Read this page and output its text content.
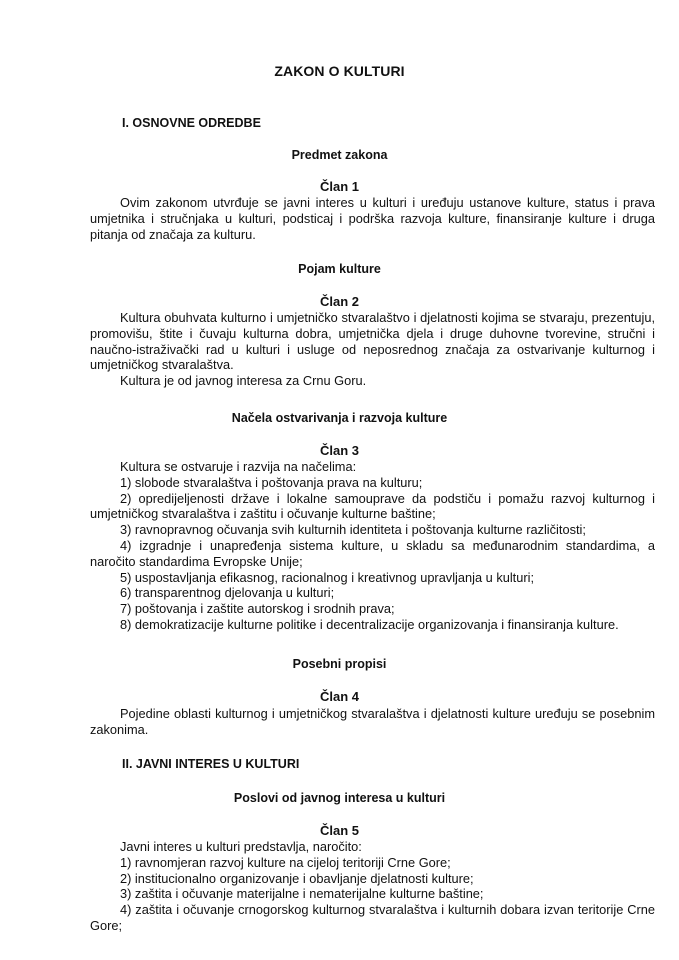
ZAKON O KULTURI
I. OSNOVNE ODREDBE
Predmet zakona
Član 1

Ovim zakonom utvrđuje se javni interes u kulturi i uređuju ustanove kulture, status i prava umjetnika i stručnjaka u kulturi, podsticaj i podrška razvoja kulture, finansiranje kulture i druga pitanja od značaja za kulturu.

Pojam kulture
Član 2

Kultura obuhvata kulturno i umjetničko stvaralaštvo i djelatnosti kojima se stvaraju, prezentuju, promovišu, štite i čuvaju kulturna dobra, umjetnička djela i druge duhovne tvorevine, stručni i naučno-istraživački rad u kulturi i usluge od neposrednog značaja za ostvarivanje kulturnog i umjetničkog stvaralaštva.

Kultura je od javnog interesa za Crnu Goru.

Načela ostvarivanja i razvoja kulture
Član 3

Kultura se ostvaruje i razvija na načelima:

1) slobode stvaralaštva i poštovanja prava na kulturu;

2) opredijeljenosti države i lokalne samouprave da podstiču i pomažu razvoj kulturnog i umjetničkog stvaralaštva i zaštitu i očuvanje kulturne baštine;

3) ravnopravnog očuvanja svih kulturnih identiteta i poštovanja kulturne različitosti;

4) izgradnje i unapređenja sistema kulture, u skladu sa međunarodnim standardima, a naročito standardima Evropske Unije;

5) uspostavljanja efikasnog, racionalnog i kreativnog upravljanja u kulturi;

6) transparentnog djelovanja u kulturi;

7) poštovanja i zaštite autorskog i srodnih prava;

8) demokratizacije kulturne politike i decentralizacije organizovanja i finansiranja kulture.

Posebni propisi
Član 4

Pojedine oblasti kulturnog i umjetničkog stvaralaštva i djelatnosti kulture uređuju se posebnim zakonima.

II. JAVNI INTERES U KULTURI
Poslovi od javnog interesa u kulturi
Član 5

Javni interes u kulturi predstavlja, naročito:

1) ravnomjeran razvoj kulture na cijeloj teritoriji Crne Gore;

2) institucionalno organizovanje i obavljanje djelatnosti kulture;

3) zaštita i očuvanje materijalne i nematerijalne kulturne baštine;

4) zaštita i očuvanje crnogorskog kulturnog stvaralaštva i kulturnih dobara izvan teritorije Crne Gore;
